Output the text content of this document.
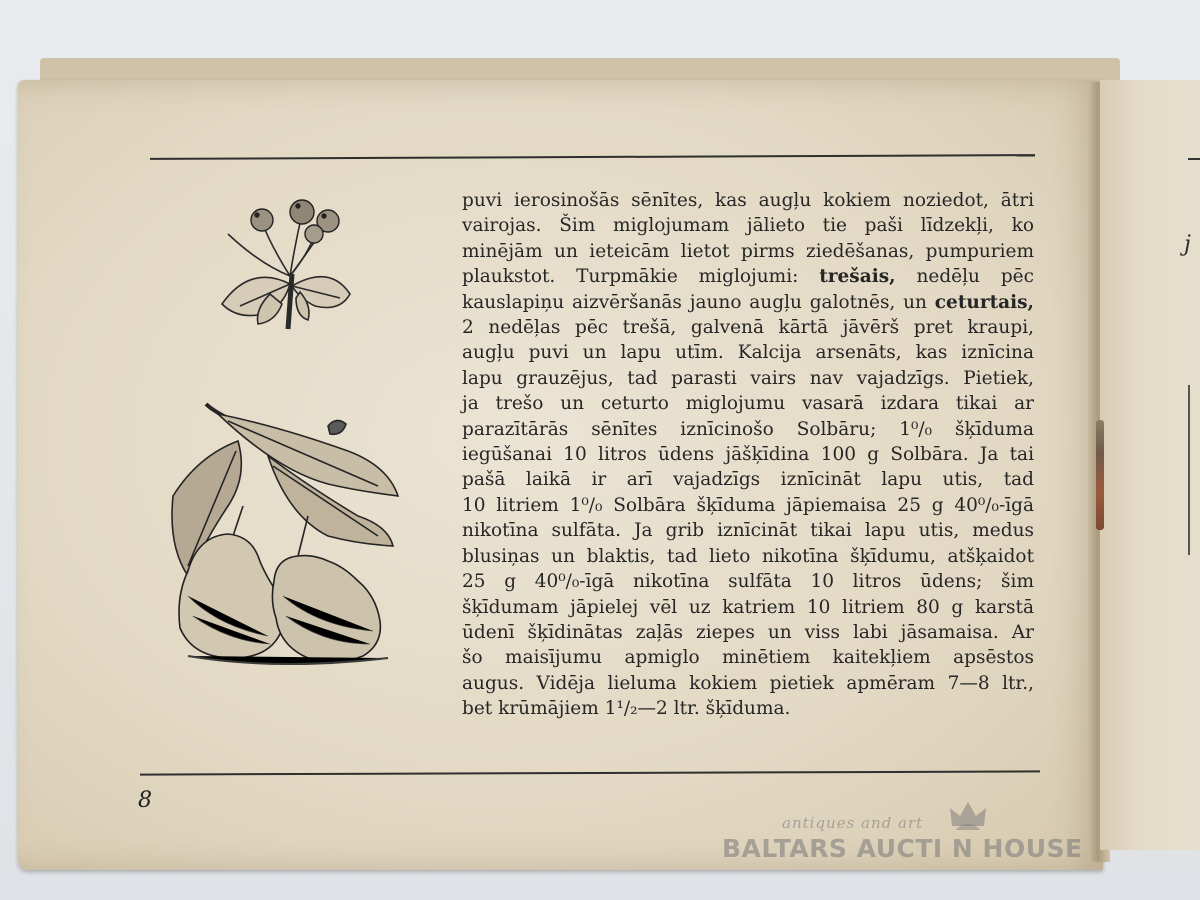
j
puvi ierosinošās sēnītes, kas augļu kokiem noziedot, ātri
vairojas. Šim miglojumam jālieto tie paši līdzekļi, ko
minējām un ieteicām lietot pirms ziedēšanas, pumpuriem
plaukstot. Turpmākie miglojumi: trešais, nedēļu pēc
kauslapiņu aizvēršanās jauno augļu galotnēs, un ceturtais,
2 nedēļas pēc trešā, galvenā kārtā jāvērš pret kraupi,
augļu puvi un lapu utīm. Kalcija arsenāts, kas iznīcina
lapu grauzējus, tad parasti vairs nav vajadzīgs. Pietiek,
ja trešo un ceturto miglojumu vasarā izdara tikai ar
parazītārās sēnītes iznīcinošo Solbāru; 1⁰/₀ šķīduma
iegūšanai 10 litros ūdens jāšķīdina 100 g Solbāra. Ja tai
pašā laikā ir arī vajadzīgs iznīcināt lapu utis, tad
10 litriem 1⁰/₀ Solbāra šķīduma jāpiemaisa 25 g 40⁰/₀-īgā
nikotīna sulfāta. Ja grib iznīcināt tikai lapu utis, medus
blusiņas un blaktis, tad lieto nikotīna šķīdumu, atšķaidot
25 g 40⁰/₀-īgā nikotīna sulfāta 10 litros ūdens; šim
šķīdumam jāpielej vēl uz katriem 10 litriem 80 g karstā
ūdenī šķīdinātas zaļās ziepes un viss labi jāsamaisa. Ar
šo maisījumu apmiglo minētiem kaitekļiem apsēstos
augus. Vidēja lieluma kokiem pietiek apmēram 7—8 ltr.,
bet krūmājiem 1¹/₂—2 ltr. šķīduma.
8
antiques and art
BALTARS AUCTI N HOUSE
